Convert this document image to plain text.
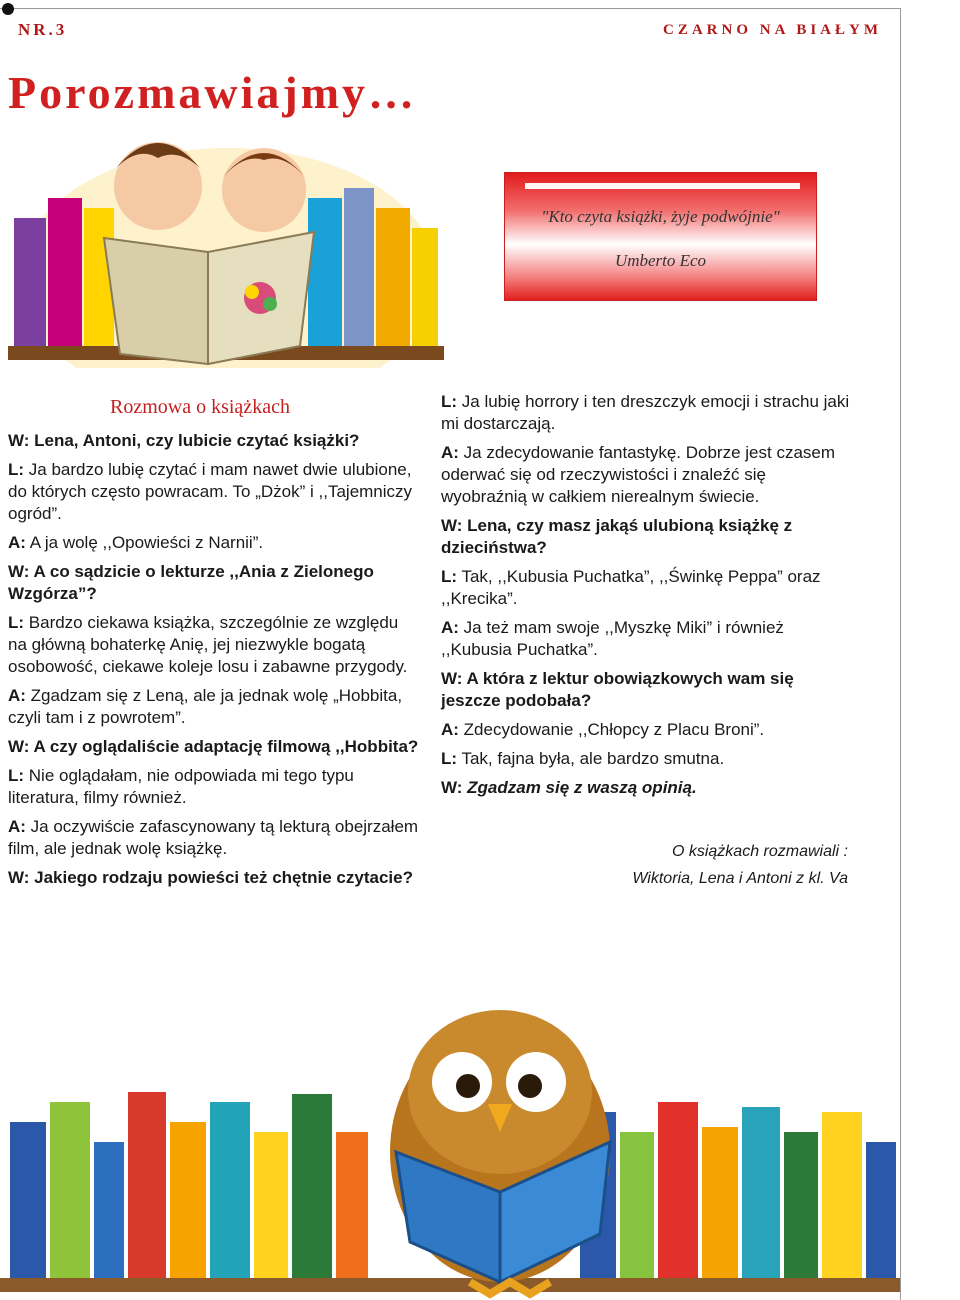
NR.3	CZARNO NA BIAŁYM
Porozmawiajmy…
"Kto czyta książki, żyje podwójnie"
Umberto Eco
Rozmowa o książkach

W: Lena, Antoni, czy lubicie czytać książki?

L: Ja bardzo lubię czytać i mam nawet dwie ulubione, do których często powracam. To „Dżok” i ,,Tajemniczy ogród”.

A: A ja wolę ,,Opowieści z Narnii”.

W: A co sądzicie o lekturze ,,Ania z Zielonego Wzgórza”?

L: Bardzo ciekawa książka, szczególnie ze względu na główną bohaterkę Anię, jej niezwykle bogatą osobowość, ciekawe koleje losu i zabawne przygody.

A: Zgadzam się z Leną, ale ja jednak wolę „Hobbita, czyli tam i z powrotem”.

W: A czy oglądaliście adaptację filmową ,,Hobbita?

L: Nie oglądałam, nie odpowiada mi tego typu literatura, filmy również.

A: Ja oczywiście zafascynowany tą lekturą obejrzałem film, ale jednak wolę książkę.

W: Jakiego rodzaju powieści też chętnie czytacie?

L: Ja lubię horrory i ten dreszczyk emocji i strachu jaki mi dostarczają.

A: Ja zdecydowanie fantastykę. Dobrze jest czasem oderwać się od rzeczywistości i znaleźć się wyobraźnią w całkiem nierealnym świecie.

W: Lena, czy masz jakąś ulubioną książkę z dzieciństwa?

L: Tak, ,,Kubusia Puchatka”, ,,Świnkę Peppa” oraz ,,Krecika”.

A: Ja też mam swoje ,,Myszkę Miki” i również ,,Kubusia Puchatka”.

W: A która z lektur obowiązkowych wam się jeszcze podobała?

A: Zdecydowanie ,,Chłopcy z Placu Broni”.

L: Tak, fajna była, ale bardzo smutna.

W: Zgadzam się z waszą opinią.

O książkach rozmawiali :
Wiktoria, Lena i Antoni z kl. Va
